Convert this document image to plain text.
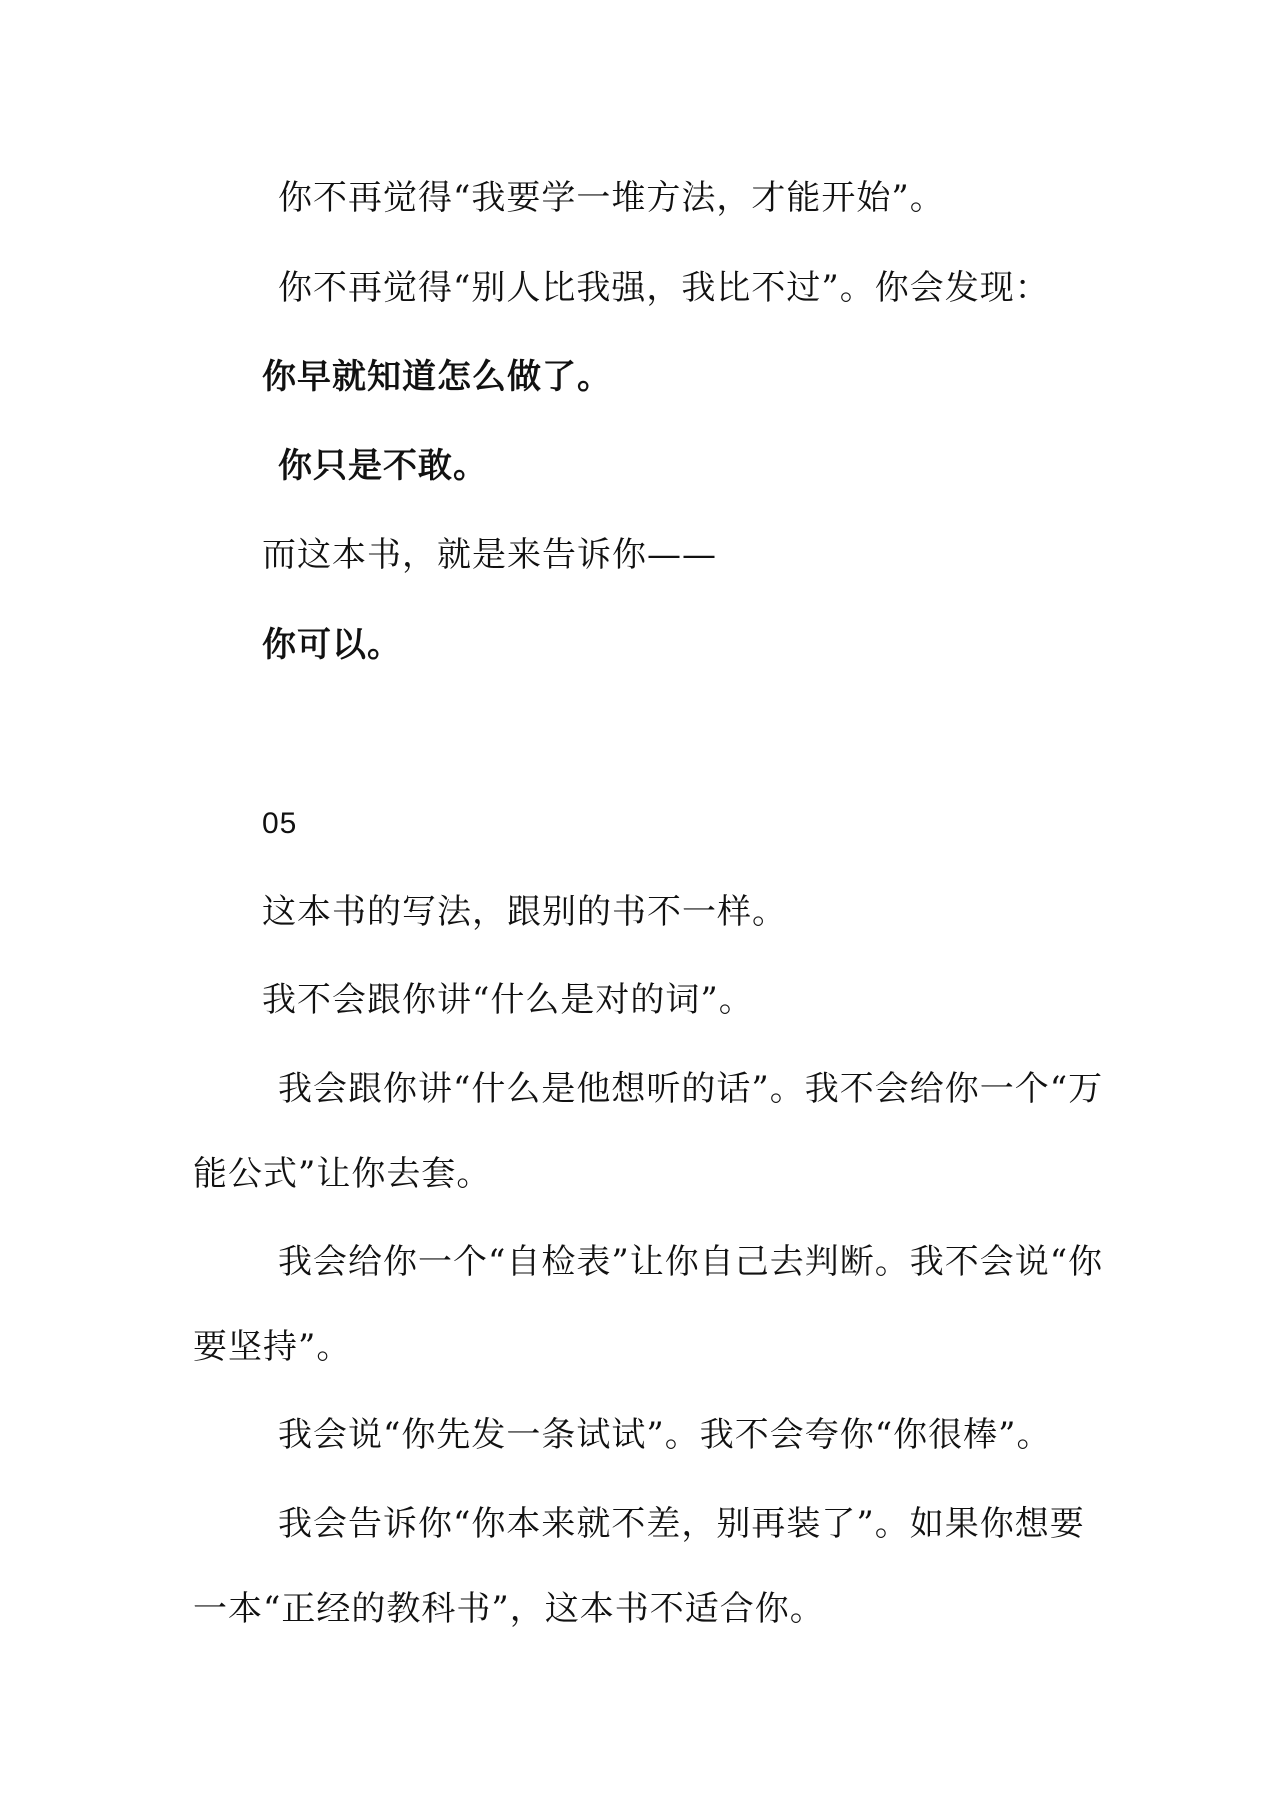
你不再觉得“我要学一堆方法，才能开始”。
你不再觉得“别人比我强，我比不过”。你会发现：
你早就知道怎么做了。
你只是不敢。
而这本书，就是来告诉你——
你可以。
05
这本书的写法，跟别的书不一样。
我不会跟你讲“什么是对的词”。
我会跟你讲“什么是他想听的话”。我不会给你一个“万
能公式”让你去套。
我会给你一个“自检表”让你自己去判断。我不会说“你
要坚持”。
我会说“你先发一条试试”。我不会夸你“你很棒”。
我会告诉你“你本来就不差，别再装了”。如果你想要
一本“正经的教科书”，这本书不适合你。
